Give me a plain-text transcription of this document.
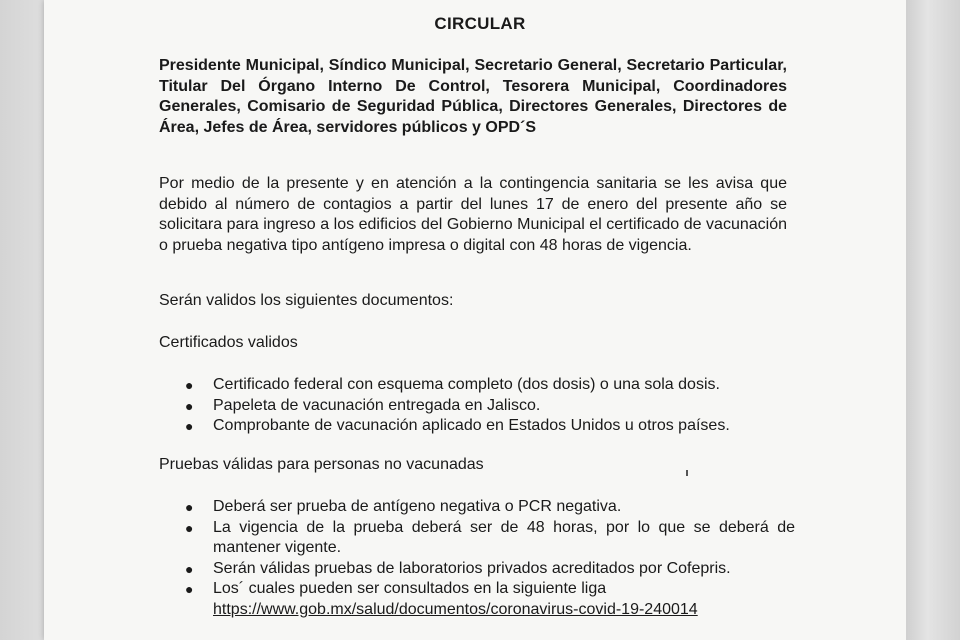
CIRCULAR
Presidente Municipal, Síndico Municipal, Secretario General, Secretario Particular, Titular Del Órgano Interno De Control, Tesorera Municipal, Coordinadores Generales, Comisario de Seguridad Pública, Directores Generales, Directores de Área, Jefes de Área, servidores públicos y OPD´S
Por medio de la presente y en atención a la contingencia sanitaria se les avisa que debido al número de contagios a partir del lunes 17 de enero del presente año se solicitara para ingreso a los edificios del Gobierno Municipal el certificado de vacunación o prueba negativa tipo antígeno impresa o digital con 48 horas de vigencia.
Serán validos los siguientes documentos:
Certificados validos
● Certificado federal con esquema completo (dos dosis) o una sola dosis.
● Papeleta de vacunación entregada en Jalisco.
● Comprobante de vacunación aplicado en Estados Unidos u otros países.
Pruebas válidas para personas no vacunadas
● Deberá ser prueba de antígeno negativa o PCR negativa.
● La vigencia de la prueba deberá ser de 48 horas, por lo que se deberá de mantener vigente.
● Serán válidas pruebas de laboratorios privados acreditados por Cofepris.
● Los´ cuales pueden ser consultados en la siguiente liga
https://www.gob.mx/salud/documentos/coronavirus-covid-19-240014
